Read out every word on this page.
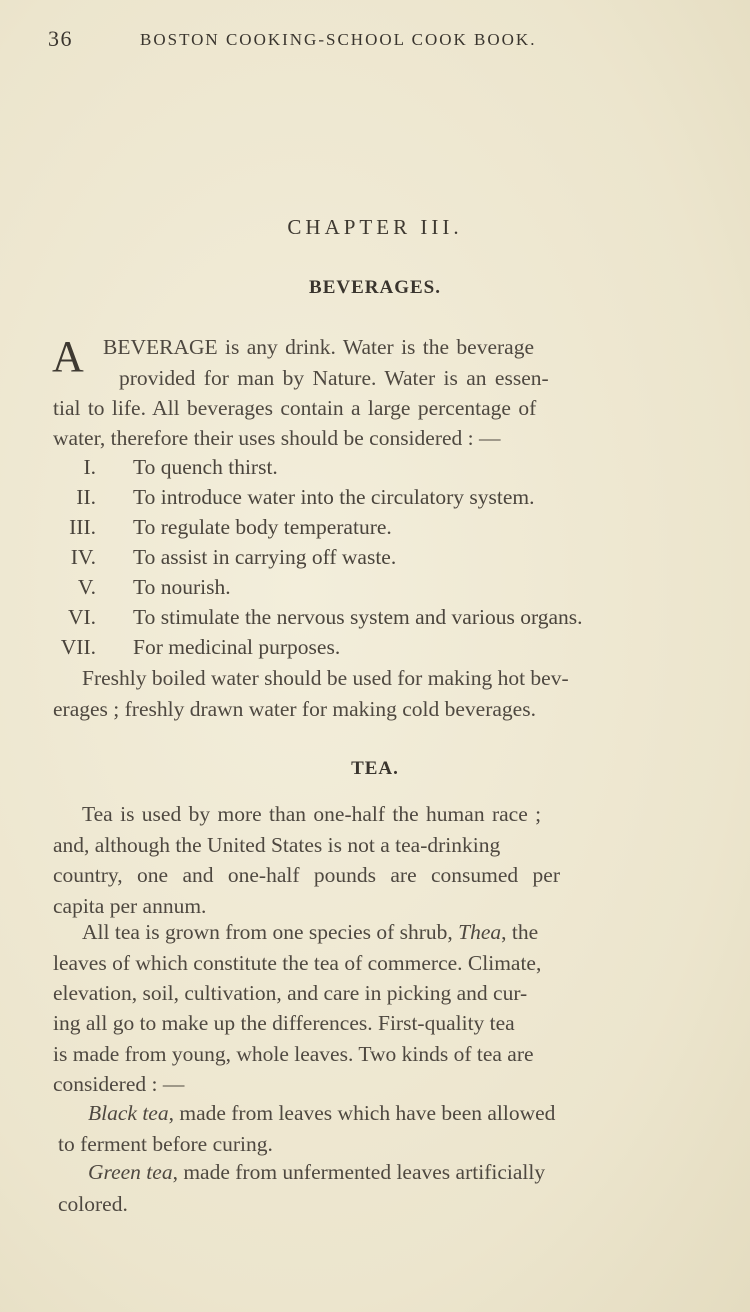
36	BOSTON COOKING-SCHOOL COOK BOOK.
CHAPTER III.
BEVERAGES.
A BEVERAGE is any drink. Water is the beverage
provided for man by Nature. Water is an essen-
tial to life. All beverages contain a large percentage of
water, therefore their uses should be considered : —
I. To quench thirst.
II. To introduce water into the circulatory system.
III. To regulate body temperature.
IV. To assist in carrying off waste.
V. To nourish.
VI. To stimulate the nervous system and various organs.
VII. For medicinal purposes.
Freshly boiled water should be used for making hot bev-
erages ; freshly drawn water for making cold beverages.
TEA.
Tea is used by more than one-half the human race ;
and, although the United States is not a tea-drinking
country, one and one-half pounds are consumed per
capita per annum.
All tea is grown from one species of shrub, Thea, the
leaves of which constitute the tea of commerce. Climate,
elevation, soil, cultivation, and care in picking and cur-
ing all go to make up the differences. First-quality tea
is made from young, whole leaves. Two kinds of tea are
considered : —
Black tea, made from leaves which have been allowed
to ferment before curing.
Green tea, made from unfermented leaves artificially
colored.
